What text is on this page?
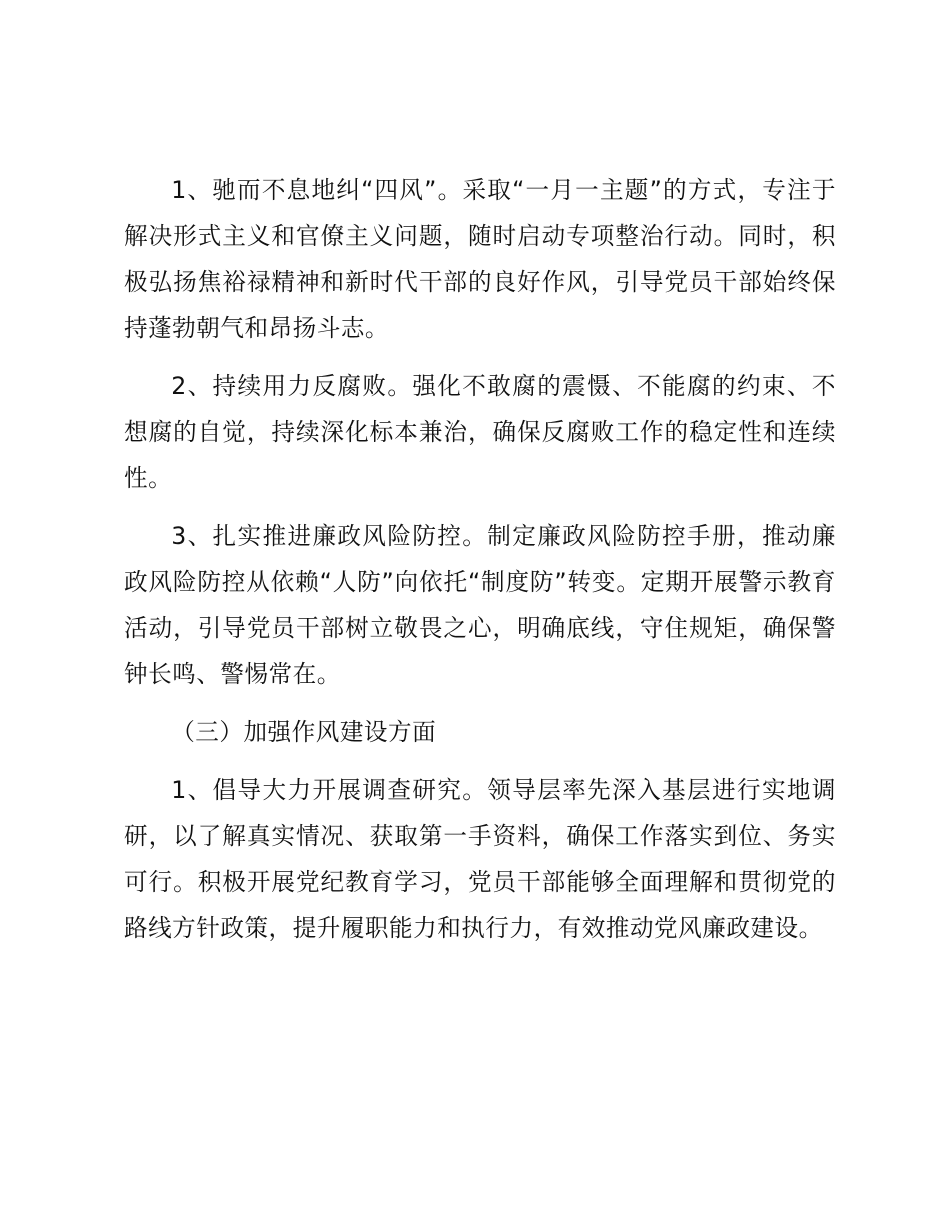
1、驰而不息地纠“四风”。采取“一月一主题”的方式，专注于解决形式主义和官僚主义问题，随时启动专项整治行动。同时，积极弘扬焦裕禄精神和新时代干部的良好作风，引导党员干部始终保持蓬勃朝气和昂扬斗志。

2、持续用力反腐败。强化不敢腐的震慑、不能腐的约束、不想腐的自觉，持续深化标本兼治，确保反腐败工作的稳定性和连续性。

3、扎实推进廉政风险防控。制定廉政风险防控手册，推动廉政风险防控从依赖“人防”向依托“制度防”转变。定期开展警示教育活动，引导党员干部树立敬畏之心，明确底线，守住规矩，确保警钟长鸣、警惕常在。

（三）加强作风建设方面

1、倡导大力开展调查研究。领导层率先深入基层进行实地调研，以了解真实情况、获取第一手资料，确保工作落实到位、务实可行。积极开展党纪教育学习，党员干部能够全面理解和贯彻党的路线方针政策，提升履职能力和执行力，有效推动党风廉政建设。
